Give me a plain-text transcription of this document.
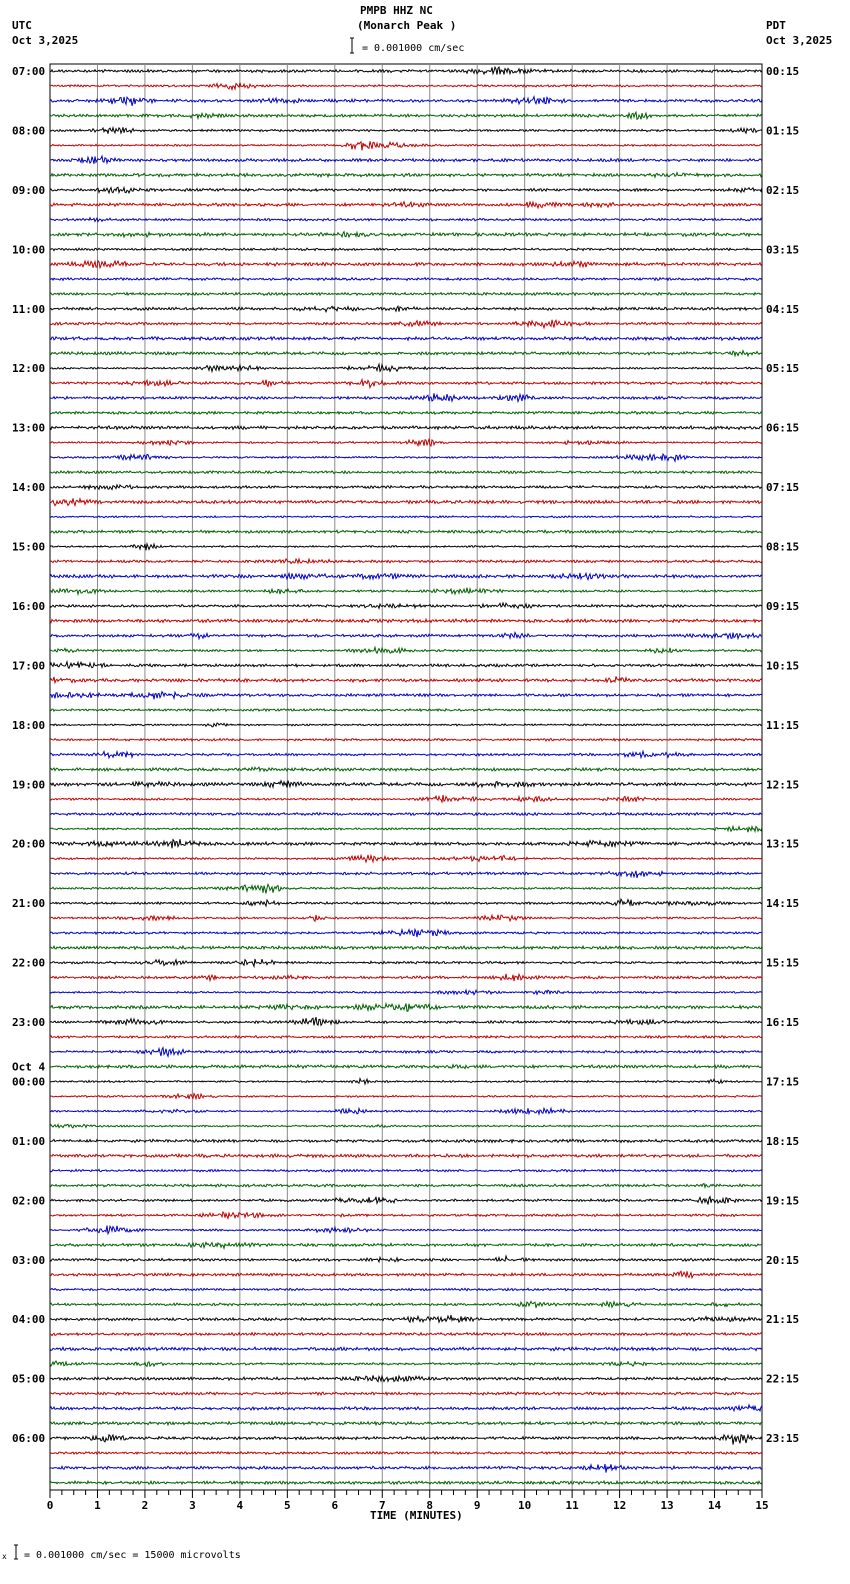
07:00
08:00
09:00
10:00
11:00
12:00
13:00
14:00
15:00
16:00
17:00
18:00
19:00
20:00
21:00
22:00
23:00
00:00
01:00
02:00
03:00
04:00
05:00
06:00
00:15
01:15
02:15
03:15
04:15
05:15
06:15
07:15
08:15
09:15
10:15
11:15
12:15
13:15
14:15
15:15
16:15
17:15
18:15
19:15
20:15
21:15
22:15
23:15
Oct 4
0	1	2	3	4	5	6	7	8	9	10	11	12	13	14	15
PMPB HHZ NC
(Monarch Peak )
= 0.001000 cm/sec
UTC
Oct 3,2025
PDT
Oct 3,2025
TIME (MINUTES)
x = 0.001000 cm/sec = 15000 microvolts
